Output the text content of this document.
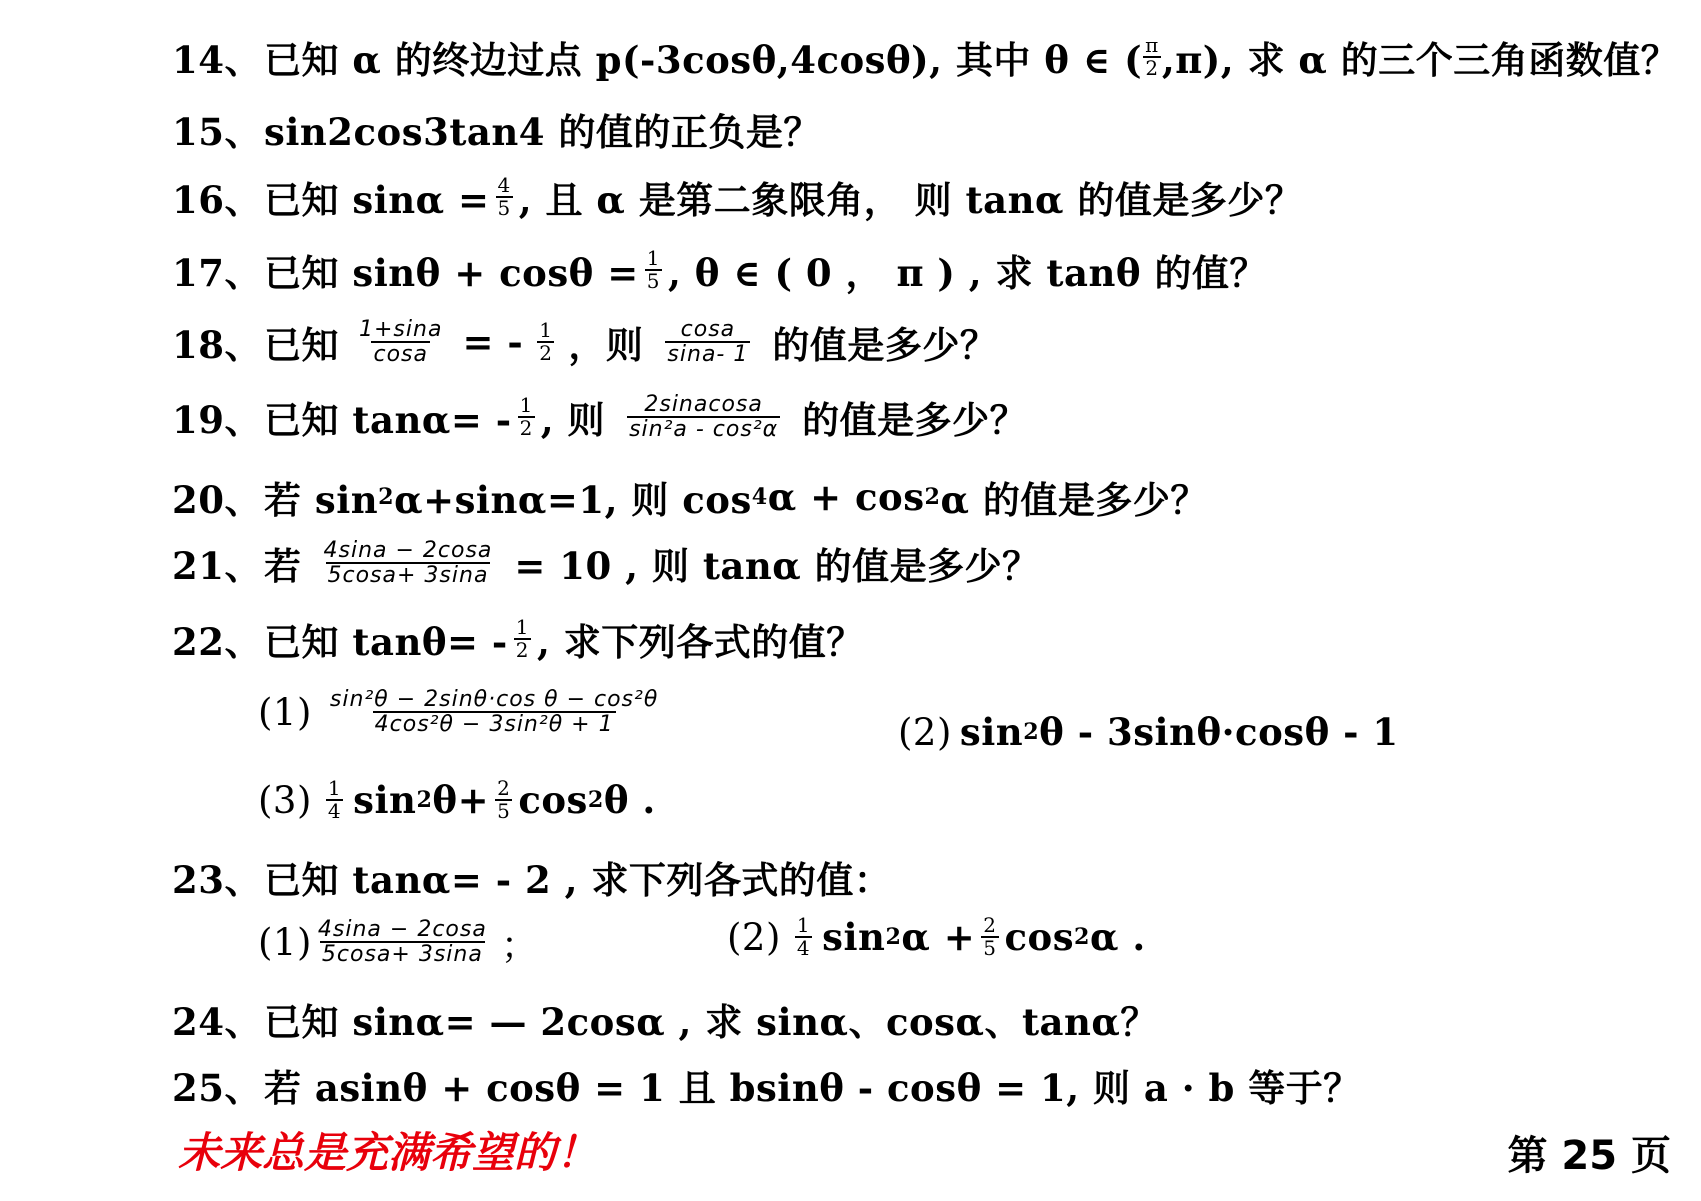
14、 已知 α 的终边过点 p(-3cosθ,4cosθ), 其中 θ ∈ ( $\frac{\pi}{2} ,\pi$), 求 α 的三个三角函数值？
15、 sin2cos3tan4 的值的正负是？
16、 已知 $\sin\alpha = \frac{4}{5}$ , 且 α 是第二象限角， 则 tanα 的值是多少？
17、 已知 $\sin\theta + \cos\theta = \frac{1}{5}$ , θ ∈ ( 0 ， π ) , 求 tanθ 的值？
18、 已知 $\frac{1+\sin a}{\cos a}$ = - $\frac{1}{2}$ ，则 $\frac{\cos a}{\sin a- 1}$ 的值是多少？
19、 已知 $\tan\alpha= - \frac{1}{2}$ , 则 $\frac{\text{2sinacosa}}{\text{sin²a - cos²α}}$ 的值是多少？
20、 若 sin 2 α+sinα=1, 则 cos 4 α + cos 2 α 的值是多少？
21、 若 $\frac{4\sin a - 2\cos a}{5\cos a+ 3\sin a} = 10$ , 则 tanα 的值是多少？
22、 已知 $\tan\theta= - \frac{1}{2}$ , 求下列各式的值？
$(1) \frac{\text{sin²θ − 2sinθ·cos θ − cos²θ}}{\text{4cos²θ − 3sin²θ + 1}}$	(2) sin 2 θ - 3sinθ·cosθ - 1
$(3) \frac{1}{4}$ sin 2 $\theta+ \frac{2}{5}$ cos 2 θ .
23、 已知 tanα= - 2 , 求下列各式的值：
$(1) \frac{4\sin a - 2\cos a}{5\cos a+ 3\sin a}$ ；	$(2) \frac{1}{4}$ sin 2 $\alpha + \frac{2}{5}$ cos 2 α .
24、 已知 sinα= — 2cosα , 求 sinα、cosα、tanα？
25、 若 asinθ + cosθ = 1 且 bsinθ - cosθ = 1, 则 a · b 等于？
未来总是充满希望的！	第 25 页
